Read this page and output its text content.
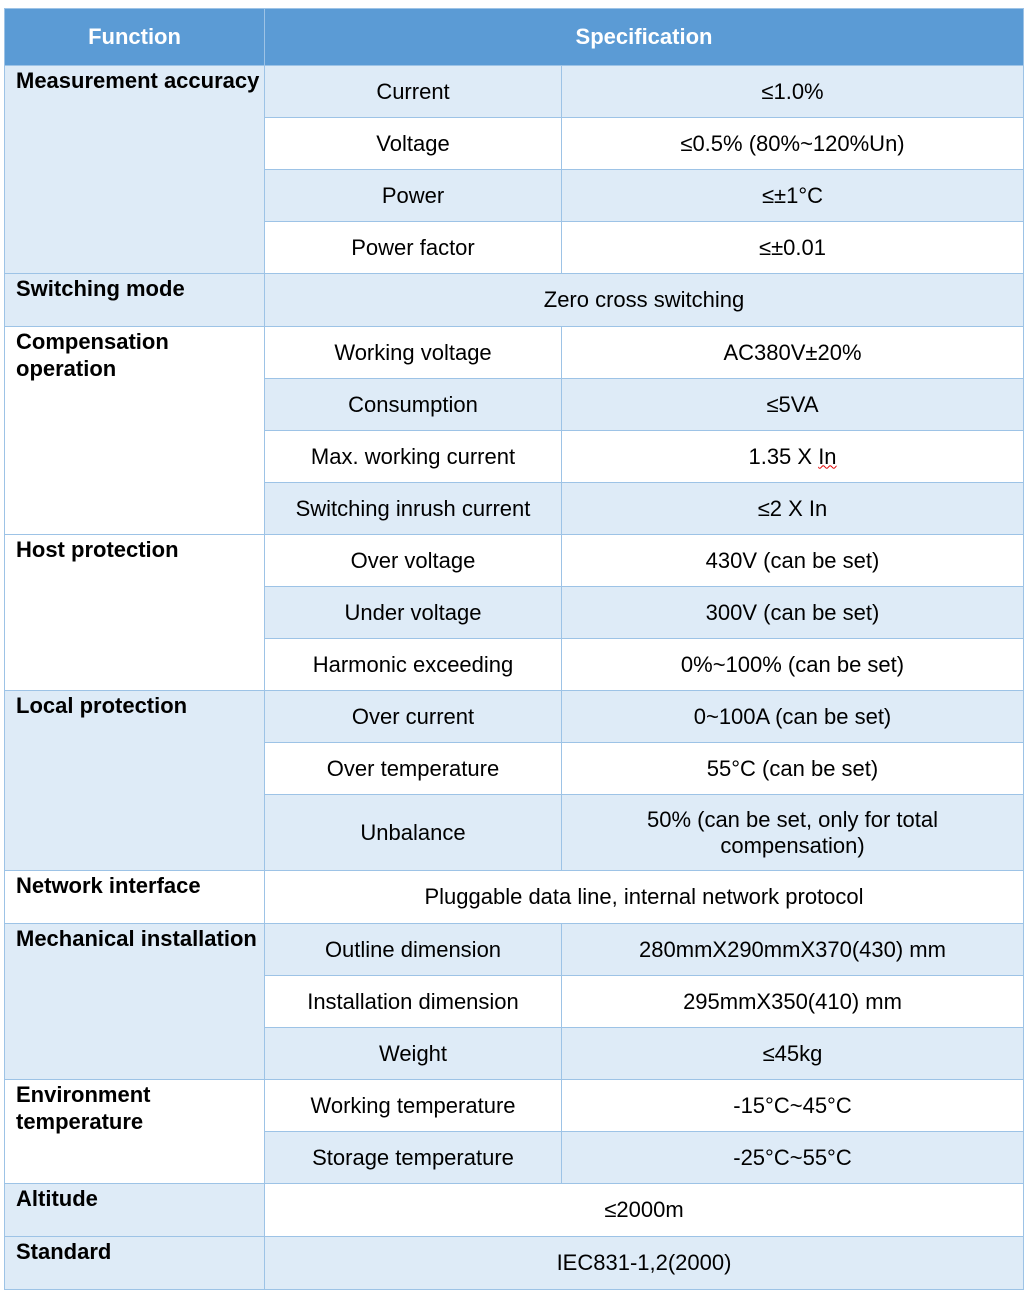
Function	Specification	
Measurement accuracy	Current	≤1.0%
	Voltage	≤0.5% (80%~120%Un)
	Power	≤±1°C
	Power factor	≤±0.01
Switching mode	Zero cross switching	
Compensation operation	Working voltage	AC380V±20%
	Consumption	≤5VA
	Max. working current	1.35 X In
	Switching inrush current	≤2 X In
Host protection	Over voltage	430V (can be set)
	Under voltage	300V (can be set)
	Harmonic exceeding	0%~100% (can be set)
Local protection	Over current	0~100A (can be set)
	Over temperature	55°C (can be set)
	Unbalance	50% (can be set, only for total compensation)
Network interface	Pluggable data line, internal network protocol	
Mechanical installation	Outline dimension	280mmX290mmX370(430) mm
	Installation dimension	295mmX350(410) mm
	Weight	≤45kg
Environment temperature	Working temperature	-15°C~45°C
	Storage temperature	-25°C~55°C
Altitude	≤2000m	
Standard	IEC831-1,2(2000)	
